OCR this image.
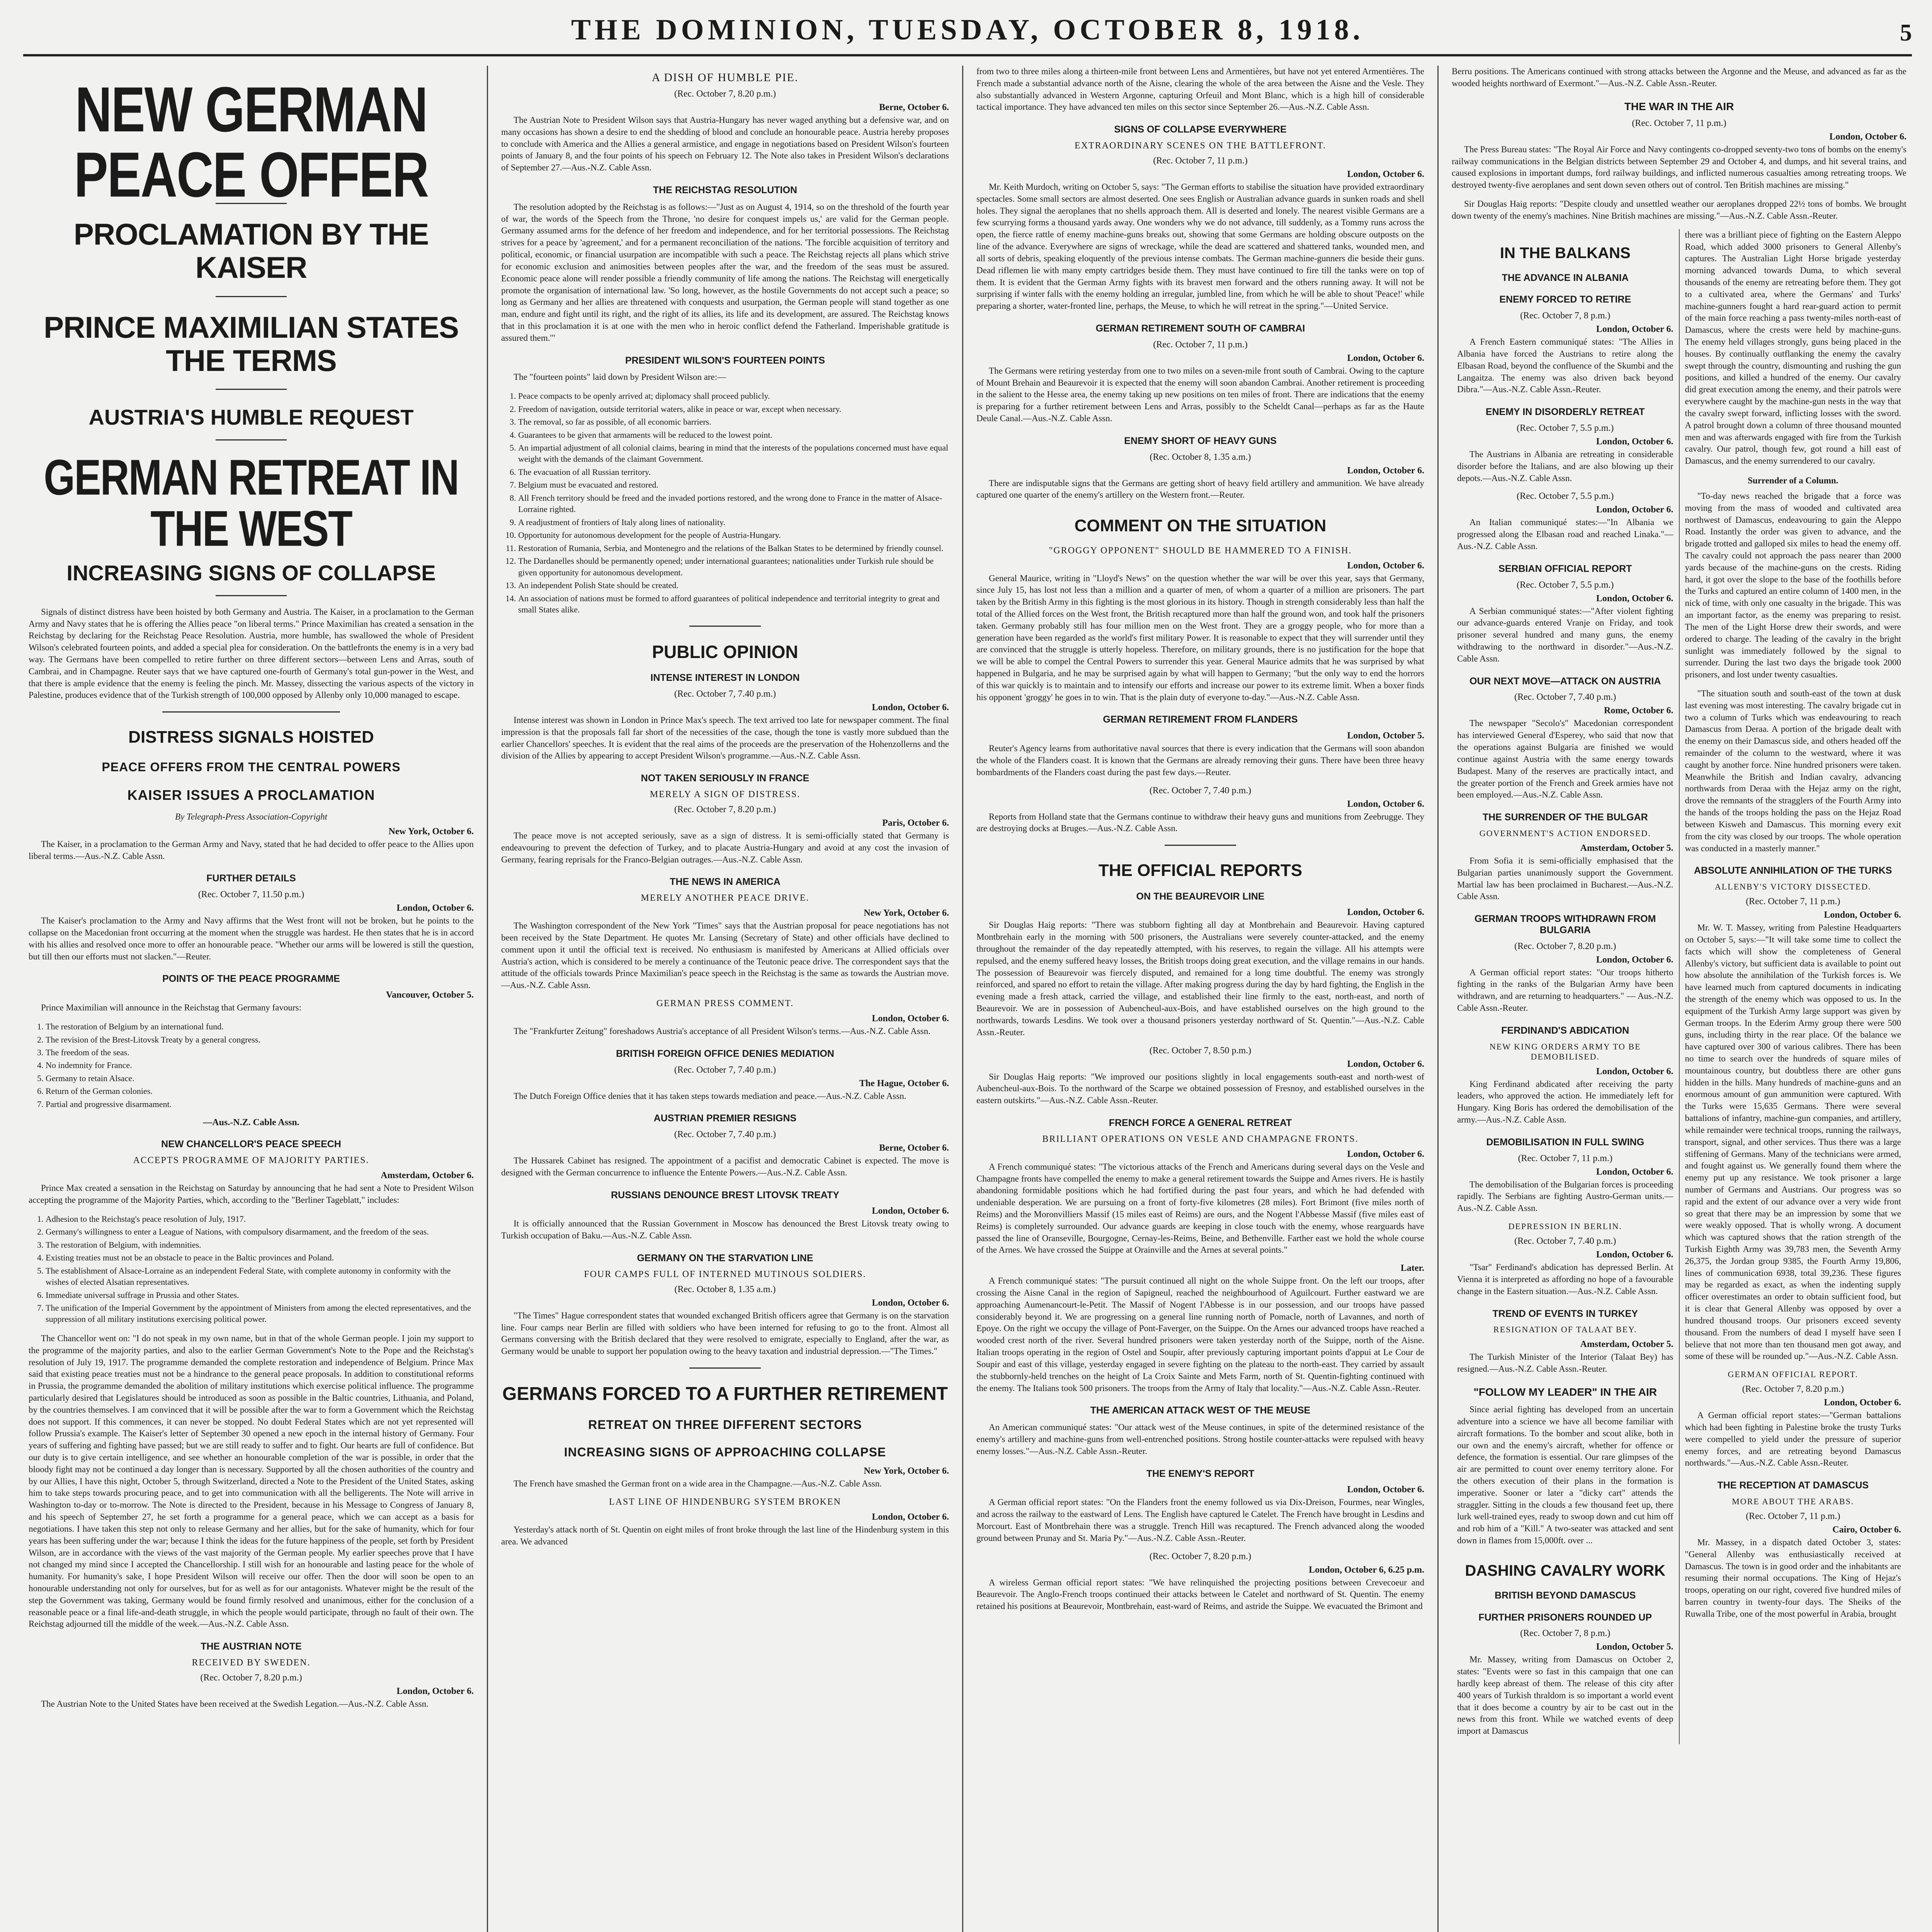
THE DOMINION, TUESDAY, OCTOBER 8, 1918.	5
NEW GERMAN PEACE OFFER
PROCLAMATION BY THE KAISER
PRINCE MAXIMILIAN STATES THE TERMS
AUSTRIA'S HUMBLE REQUEST
GERMAN RETREAT IN THE WEST
INCREASING SIGNS OF COLLAPSE

Signals of distinct distress have been hoisted by both Germany and Austria. The Kaiser, in a proclamation to the German Army and Navy states that he is offering the Allies peace "on liberal terms." Prince Maximilian has created a sensation in the Reichstag by declaring for the Reichstag Peace Resolution. Austria, more humble, has swallowed the whole of President Wilson's celebrated fourteen points, and added a special plea for consideration. On the battlefronts the enemy is in a very bad way. The Germans have been compelled to retire further on three different sectors—between Lens and Arras, south of Cambrai, and in Champagne. Reuter says that we have captured one-fourth of Germany's total gun-power in the West, and that there is ample evidence that the enemy is feeling the pinch. Mr. Massey, dissecting the various aspects of the victory in Palestine, produces evidence that of the Turkish strength of 100,000 opposed by Allenby only 10,000 managed to escape.

DISTRESS SIGNALS HOISTED
PEACE OFFERS FROM THE CENTRAL POWERS
KAISER ISSUES A PROCLAMATION
By Telegraph-Press Association-Copyright
New York, October 6.

The Kaiser, in a proclamation to the German Army and Navy, stated that he had decided to offer peace to the Allies upon liberal terms.—Aus.-N.Z. Cable Assn.

FURTHER DETAILS
(Rec. October 7, 11.50 p.m.)
London, October 6.

The Kaiser's proclamation to the Army and Navy affirms that the West front will not be broken, but he points to the collapse on the Macedonian front occurring at the moment when the struggle was hardest. He then states that he is in accord with his allies and resolved once more to offer an honourable peace. "Whether our arms will be lowered is still the question, but till then our efforts must not slacken."—Reuter.

POINTS OF THE PEACE PROGRAMME
Vancouver, October 5.

Prince Maximilian will announce in the Reichstag that Germany favours:

1. The restoration of Belgium by an international fund.
2. The revision of the Brest-Litovsk Treaty by a general congress.
3. The freedom of the seas.
4. No indemnity for France.
5. Germany to retain Alsace.
6. Return of the German colonies.
7. Partial and progressive disarmament.
—Aus.-N.Z. Cable Assn.
NEW CHANCELLOR'S PEACE SPEECH
ACCEPTS PROGRAMME OF MAJORITY PARTIES.
Amsterdam, October 6.

Prince Max created a sensation in the Reichstag on Saturday by announcing that he had sent a Note to President Wilson accepting the programme of the Majority Parties, which, according to the "Berliner Tageblatt," includes:

1. Adhesion to the Reichstag's peace resolution of July, 1917.
2. Germany's willingness to enter a League of Nations, with compulsory disarmament, and the freedom of the seas.
3. The restoration of Belgium, with indemnities.
4. Existing treaties must not be an obstacle to peace in the Baltic provinces and Poland.
5. The establishment of Alsace-Lorraine as an independent Federal State, with complete autonomy in conformity with the wishes of elected Alsatian representatives.
6. Immediate universal suffrage in Prussia and other States.
7. The unification of the Imperial Government by the appointment of Ministers from among the elected representatives, and the suppression of all military institutions exercising political power.

The Chancellor went on: "I do not speak in my own name, but in that of the whole German people. I join my support to the programme of the majority parties, and also to the earlier German Government's Note to the Pope and the Reichstag's resolution of July 19, 1917. The programme demanded the complete restoration and independence of Belgium. Prince Max said that existing peace treaties must not be a hindrance to the general peace proposals. In addition to constitutional reforms in Prussia, the programme demanded the abolition of military institutions which exercise political influence. The programme particularly desired that Legislatures should be introduced as soon as possible in the Baltic countries, Lithuania, and Poland, by the countries themselves. I am convinced that it will be possible after the war to form a Government which the Reichstag does not support. If this commences, it can never be stopped. No doubt Federal States which are not yet represented will follow Prussia's example. The Kaiser's letter of September 30 opened a new epoch in the internal history of Germany. Four years of suffering and fighting have passed; but we are still ready to suffer and to fight. Our hearts are full of confidence. But our duty is to give certain intelligence, and see whether an honourable completion of the war is possible, in order that the bloody fight may not be continued a day longer than is necessary. Supported by all the chosen authorities of the country and by our Allies, I have this night, October 5, through Switzerland, directed a Note to the President of the United States, asking him to take steps towards procuring peace, and to get into communication with all the belligerents. The Note will arrive in Washington to-day or to-morrow. The Note is directed to the President, because in his Message to Congress of January 8, and his speech of September 27, he set forth a programme for a general peace, which we can accept as a basis for negotiations. I have taken this step not only to release Germany and her allies, but for the sake of humanity, which for four years has been suffering under the war; because I think the ideas for the future happiness of the people, set forth by President Wilson, are in accordance with the views of the vast majority of the German people. My earlier speeches prove that I have not changed my mind since I accepted the Chancellorship. I still wish for an honourable and lasting peace for the whole of humanity. For humanity's sake, I hope President Wilson will receive our offer. Then the door will soon be open to an honourable understanding not only for ourselves, but for as well as for our antagonists. Whatever might be the result of the step the Government was taking, Germany would be found firmly resolved and unanimous, either for the conclusion of a reasonable peace or a final life-and-death struggle, in which the people would participate, through no fault of their own. The Reichstag adjourned till the middle of the week.—Aus.-N.Z. Cable Assn.

THE AUSTRIAN NOTE
RECEIVED BY SWEDEN.
(Rec. October 7, 8.20 p.m.)
London, October 6.

The Austrian Note to the United States have been received at the Swedish Legation.—Aus.-N.Z. Cable Assn.

A DISH OF HUMBLE PIE.
(Rec. October 7, 8.20 p.m.)
Berne, October 6.

The Austrian Note to President Wilson says that Austria-Hungary has never waged anything but a defensive war, and on many occasions has shown a desire to end the shedding of blood and conclude an honourable peace. Austria hereby proposes to conclude with America and the Allies a general armistice, and engage in negotiations based on President Wilson's fourteen points of January 8, and the four points of his speech on February 12. The Note also takes in President Wilson's declarations of September 27.—Aus.-N.Z. Cable Assn.

THE REICHSTAG RESOLUTION

The resolution adopted by the Reichstag is as follows:—"Just as on August 4, 1914, so on the threshold of the fourth year of war, the words of the Speech from the Throne, 'no desire for conquest impels us,' are valid for the German people. Germany assumed arms for the defence of her freedom and independence, and for her territorial possessions. The Reichstag strives for a peace by 'agreement,' and for a permanent reconciliation of the nations. 'The forcible acquisition of territory and political, economic, or financial usurpation are incompatible with such a peace. The Reichstag rejects all plans which strive for economic exclusion and animosities between peoples after the war, and the freedom of the seas must be assured. Economic peace alone will render possible a friendly community of life among the nations. The Reichstag will energetically promote the organisation of international law. 'So long, however, as the hostile Governments do not accept such a peace; so long as Germany and her allies are threatened with conquests and usurpation, the German people will stand together as one man, endure and fight until its right, and the right of its allies, its life and its development, are assured. The Reichstag knows that in this proclamation it is at one with the men who in heroic conflict defend the Fatherland. Imperishable gratitude is assured them.'"

PRESIDENT WILSON'S FOURTEEN POINTS

The "fourteen points" laid down by President Wilson are:—

1. Peace compacts to be openly arrived at; diplomacy shall proceed publicly.
2. Freedom of navigation, outside territorial waters, alike in peace or war, except when necessary.
3. The removal, so far as possible, of all economic barriers.
4. Guarantees to be given that armaments will be reduced to the lowest point.
5. An impartial adjustment of all colonial claims, bearing in mind that the interests of the populations concerned must have equal weight with the demands of the claimant Government.
6. The evacuation of all Russian territory.
7. Belgium must be evacuated and restored.
8. All French territory should be freed and the invaded portions restored, and the wrong done to France in the matter of Alsace-Lorraine righted.
9. A readjustment of frontiers of Italy along lines of nationality.
10. Opportunity for autonomous development for the people of Austria-Hungary.
11. Restoration of Rumania, Serbia, and Montenegro and the relations of the Balkan States to be determined by friendly counsel.
12. The Dardanelles should be permanently opened; under international guarantees; nationalities under Turkish rule should be given opportunity for autonomous development.
13. An independent Polish State should be created.
14. An association of nations must be formed to afford guarantees of political independence and territorial integrity to great and small States alike.
PUBLIC OPINION
INTENSE INTEREST IN LONDON
(Rec. October 7, 7.40 p.m.)
London, October 6.

Intense interest was shown in London in Prince Max's speech. The text arrived too late for newspaper comment. The final impression is that the proposals fall far short of the necessities of the case, though the tone is vastly more subdued than the earlier Chancellors' speeches. It is evident that the real aims of the proceeds are the preservation of the Hohenzollerns and the division of the Allies by appearing to accept President Wilson's programme.—Aus.-N.Z. Cable Assn.

NOT TAKEN SERIOUSLY IN FRANCE
MERELY A SIGN OF DISTRESS.
(Rec. October 7, 8.20 p.m.)
Paris, October 6.

The peace move is not accepted seriously, save as a sign of distress. It is semi-officially stated that Germany is endeavouring to prevent the defection of Turkey, and to placate Austria-Hungary and avoid at any cost the invasion of Germany, fearing reprisals for the Franco-Belgian outrages.—Aus.-N.Z. Cable Assn.

THE NEWS IN AMERICA
MERELY ANOTHER PEACE DRIVE.
New York, October 6.

The Washington correspondent of the New York "Times" says that the Austrian proposal for peace negotiations has not been received by the State Department. He quotes Mr. Lansing (Secretary of State) and other officials have declined to comment upon it until the official text is received. No enthusiasm is manifested by Americans at Allied officials over Austria's action, which is considered to be merely a continuance of the Teutonic peace drive. The correspondent says that the attitude of the officials towards Prince Maximilian's peace speech in the Reichstag is the same as towards the Austrian move.—Aus.-N.Z. Cable Assn.

GERMAN PRESS COMMENT.
London, October 6.

The "Frankfurter Zeitung" foreshadows Austria's acceptance of all President Wilson's terms.—Aus.-N.Z. Cable Assn.

BRITISH FOREIGN OFFICE DENIES MEDIATION
(Rec. October 7, 7.40 p.m.)
The Hague, October 6.

The Dutch Foreign Office denies that it has taken steps towards mediation and peace.—Aus.-N.Z. Cable Assn.

AUSTRIAN PREMIER RESIGNS
(Rec. October 7, 7.40 p.m.)
Berne, October 6.

The Hussarek Cabinet has resigned. The appointment of a pacifist and democratic Cabinet is expected. The move is designed with the German concurrence to influence the Entente Powers.—Aus.-N.Z. Cable Assn.

RUSSIANS DENOUNCE BREST LITOVSK TREATY
London, October 6.

It is officially announced that the Russian Government in Moscow has denounced the Brest Litovsk treaty owing to Turkish occupation of Baku.—Aus.-N.Z. Cable Assn.

GERMANY ON THE STARVATION LINE
FOUR CAMPS FULL OF INTERNED MUTINOUS SOLDIERS.
(Rec. October 8, 1.35 a.m.)
London, October 6.

"The Times" Hague correspondent states that wounded exchanged British officers agree that Germany is on the starvation line. Four camps near Berlin are filled with soldiers who have been interned for refusing to go to the front. Almost all Germans conversing with the British declared that they were resolved to emigrate, especially to England, after the war, as Germany would be unable to support her population owing to the heavy taxation and industrial depression.—"The Times."

GERMANS FORCED TO A FURTHER RETIREMENT
RETREAT ON THREE DIFFERENT SECTORS
INCREASING SIGNS OF APPROACHING COLLAPSE
New York, October 6.

The French have smashed the German front on a wide area in the Champagne.—Aus.-N.Z. Cable Assn.

LAST LINE OF HINDENBURG SYSTEM BROKEN
London, October 6.

Yesterday's attack north of St. Quentin on eight miles of front broke through the last line of the Hindenburg system in this area. We advanced

from two to three miles along a thirteen-mile front between Lens and Armentières, but have not yet entered Armentières. The French made a substantial advance north of the Aisne, clearing the whole of the area between the Aisne and the Vesle. They also substantially advanced in Western Argonne, capturing Orfeuil and Mont Blanc, which is a high hill of considerable tactical importance. They have advanced ten miles on this sector since September 26.—Aus.-N.Z. Cable Assn.

SIGNS OF COLLAPSE EVERYWHERE
EXTRAORDINARY SCENES ON THE BATTLEFRONT.
(Rec. October 7, 11 p.m.)
London, October 6.

Mr. Keith Murdoch, writing on October 5, says: "The German efforts to stabilise the situation have provided extraordinary spectacles. Some small sectors are almost deserted. One sees English or Australian advance guards in sunken roads and shell holes. They signal the aeroplanes that no shells approach them. All is deserted and lonely. The nearest visible Germans are a few scurrying forms a thousand yards away. One wonders why we do not advance, till suddenly, as a Tommy runs across the open, the fierce rattle of enemy machine-guns breaks out, showing that some Germans are holding obscure outposts on the line of the advance. Everywhere are signs of wreckage, while the dead are scattered and shattered tanks, wounded men, and all sorts of debris, speaking eloquently of the previous intense combats. The German machine-gunners die beside their guns. Dead riflemen lie with many empty cartridges beside them. They must have continued to fire till the tanks were on top of them. It is evident that the German Army fights with its bravest men forward and the others running away. It will not be surprising if winter falls with the enemy holding an irregular, jumbled line, from which he will be able to shout 'Peace!' while preparing a shorter, water-fronted line, perhaps, the Meuse, to which he will retreat in the spring."—United Service.

GERMAN RETIREMENT SOUTH OF CAMBRAI
(Rec. October 7, 11 p.m.)
London, October 6.

The Germans were retiring yesterday from one to two miles on a seven-mile front south of Cambrai. Owing to the capture of Mount Brehain and Beaurevoir it is expected that the enemy will soon abandon Cambrai. Another retirement is proceeding in the salient to the Hesse area, the enemy taking up new positions on ten miles of front. There are indications that the enemy is preparing for a further retirement between Lens and Arras, possibly to the Scheldt Canal—perhaps as far as the Haute Deule Canal.—Aus.-N.Z. Cable Assn.

ENEMY SHORT OF HEAVY GUNS
(Rec. October 8, 1.35 a.m.)
London, October 6.

There are indisputable signs that the Germans are getting short of heavy field artillery and ammunition. We have already captured one quarter of the enemy's artillery on the Western front.—Reuter.

COMMENT ON THE SITUATION
"GROGGY OPPONENT" SHOULD BE HAMMERED TO A FINISH.
London, October 6.

General Maurice, writing in "Lloyd's News" on the question whether the war will be over this year, says that Germany, since July 15, has lost not less than a million and a quarter of men, of whom a quarter of a million are prisoners. The part taken by the British Army in this fighting is the most glorious in its history. Though in strength considerably less than half the total of the Allied forces on the West front, the British recaptured more than half the ground won, and took half the prisoners taken. Germany probably still has four million men on the West front. They are a groggy people, who for more than a generation have been regarded as the world's first military Power. It is reasonable to expect that they will surrender until they are convinced that the struggle is utterly hopeless. Therefore, on military grounds, there is no justification for the hope that we will be able to compel the Central Powers to surrender this year. General Maurice admits that he was surprised by what happened in Bulgaria, and he may be surprised again by what will happen to Germany; "but the only way to end the horrors of this war quickly is to maintain and to intensify our efforts and increase our power to its extreme limit. When a boxer finds his opponent 'groggy' he goes in to win. That is the plain duty of everyone to-day."—Aus.-N.Z. Cable Assn.

GERMAN RETIREMENT FROM FLANDERS
London, October 5.

Reuter's Agency learns from authoritative naval sources that there is every indication that the Germans will soon abandon the whole of the Flanders coast. It is known that the Germans are already removing their guns. There have been three heavy bombardments of the Flanders coast during the past few days.—Reuter.

(Rec. October 7, 7.40 p.m.)
London, October 6.

Reports from Holland state that the Germans continue to withdraw their heavy guns and munitions from Zeebrugge. They are destroying docks at Bruges.—Aus.-N.Z. Cable Assn.

THE OFFICIAL REPORTS
ON THE BEAUREVOIR LINE
London, October 6.

Sir Douglas Haig reports: "There was stubborn fighting all day at Montbrehain and Beaurevoir. Having captured Montbrehain early in the morning with 500 prisoners, the Australians were severely counter-attacked, and the enemy throughout the remainder of the day repeatedly attempted, with his reserves, to regain the village. All his attempts were repulsed, and the enemy suffered heavy losses, the British troops doing great execution, and the village remains in our hands. The possession of Beaurevoir was fiercely disputed, and remained for a long time doubtful. The enemy was strongly reinforced, and spared no effort to retain the village. After making progress during the day by hard fighting, the English in the evening made a fresh attack, carried the village, and established their line firmly to the east, north-east, and north of Beaurevoir. We are in possession of Aubencheul-aux-Bois, and have established ourselves on the high ground to the northwards, towards Lesdins. We took over a thousand prisoners yesterday northward of St. Quentin."—Aus.-N.Z. Cable Assn.-Reuter.

(Rec. October 7, 8.50 p.m.)
London, October 6.

Sir Douglas Haig reports: "We improved our positions slightly in local engagements south-east and north-west of Aubencheul-aux-Bois. To the northward of the Scarpe we obtained possession of Fresnoy, and established ourselves in the eastern outskirts."—Aus.-N.Z. Cable Assn.-Reuter.

FRENCH FORCE A GENERAL RETREAT
BRILLIANT OPERATIONS ON VESLE AND CHAMPAGNE FRONTS.
London, October 6.

A French communiqué states: "The victorious attacks of the French and Americans during several days on the Vesle and Champagne fronts have compelled the enemy to make a general retirement towards the Suippe and Arnes rivers. He is hastily abandoning formidable positions which he had fortified during the past four years, and which he had defended with undeniable desperation. We are pursuing on a front of forty-five kilometres (28 miles). Fort Brimont (five miles north of Reims) and the Moronvilliers Massif (15 miles east of Reims) are ours, and the Nogent l'Abbesse Massif (five miles east of Reims) is completely surrounded. Our advance guards are keeping in close touch with the enemy, whose rearguards have passed the line of Oranseville, Bourgogne, Cernay-les-Reims, Beine, and Bethenville. Farther east we hold the whole course of the Arnes. We have crossed the Suippe at Orainville and the Arnes at several points."

Later.

A French communiqué states: "The pursuit continued all night on the whole Suippe front. On the left our troops, after crossing the Aisne Canal in the region of Sapigneul, reached the neighbourhood of Aguilcourt. Further eastward we are approaching Aumenancourt-le-Petit. The Massif of Nogent l'Abbesse is in our possession, and our troops have passed considerably beyond it. We are progressing on a general line running north of Pomacle, north of Lavannes, and north of Epoye. On the right we occupy the village of Pont-Faverger, on the Suippe. On the Arnes our advanced troops have reached a wooded crest north of the river. Several hundred prisoners were taken yesterday north of the Suippe, north of the Aisne. Italian troops operating in the region of Ostel and Soupir, after previously capturing important points d'appui at Le Cour de Soupir and east of this village, yesterday engaged in severe fighting on the plateau to the north-east. They carried by assault the stubbornly-held trenches on the height of La Croix Sainte and Mets Farm, north of St. Quentin-fighting continued with the enemy. The Italians took 500 prisoners. The troops from the Army of Italy that locality."—Aus.-N.Z. Cable Assn.-Reuter.

THE AMERICAN ATTACK WEST OF THE MEUSE

An American communiqué states: "Our attack west of the Meuse continues, in spite of the determined resistance of the enemy's artillery and machine-guns from well-entrenched positions. Strong hostile counter-attacks were repulsed with heavy enemy losses."—Aus.-N.Z. Cable Assn.-Reuter.

THE ENEMY'S REPORT
London, October 6.

A German official report states: "On the Flanders front the enemy followed us via Dix-Dreison, Fourmes, near Wingles, and across the railway to the eastward of Lens. The English have captured le Catelet. The French have brought in Lesdins and Morcourt. East of Montbrehain there was a struggle. Trench Hill was recaptured. The French advanced along the wooded ground between Prunay and St. Maria Py."—Aus.-N.Z. Cable Assn.-Reuter.

(Rec. October 7, 8.20 p.m.)
London, October 6, 6.25 p.m.

A wireless German official report states: "We have relinquished the projecting positions between Crevecoeur and Beaurevoir. The Anglo-French troops continued their attacks between le Catelet and northward of St. Quentin. The enemy retained his positions at Beaurevoir, Montbrehain, east-ward of Reims, and astride the Suippe. We evacuated the Brimont and

Berru positions. The Americans continued with strong attacks between the Argonne and the Meuse, and advanced as far as the wooded heights northward of Exermont."—Aus.-N.Z. Cable Assn.-Reuter.

THE WAR IN THE AIR
(Rec. October 7, 11 p.m.)
London, October 6.

The Press Bureau states: "The Royal Air Force and Navy contingents co-dropped seventy-two tons of bombs on the enemy's railway communications in the Belgian districts between September 29 and October 4, and dumps, and hit several trains, and caused explosions in important dumps, ford railway buildings, and inflicted numerous casualties among retreating troops. We destroyed twenty-five aeroplanes and sent down seven others out of control. Ten British machines are missing."

Sir Douglas Haig reports: "Despite cloudy and unsettled weather our aeroplanes dropped 22½ tons of bombs. We brought down twenty of the enemy's machines. Nine British machines are missing."—Aus.-N.Z. Cable Assn.-Reuter.

IN THE BALKANS
THE ADVANCE IN ALBANIA
ENEMY FORCED TO RETIRE
(Rec. October 7, 8 p.m.)
London, October 6.

A French Eastern communiqué states: "The Allies in Albania have forced the Austrians to retire along the Elbasan Road, beyond the confluence of the Skumbi and the Langaitza. The enemy was also driven back beyond Dibra."—Aus.-N.Z. Cable Assn.-Reuter.

ENEMY IN DISORDERLY RETREAT
(Rec. October 7, 5.5 p.m.)
London, October 6.

The Austrians in Albania are retreating in considerable disorder before the Italians, and are also blowing up their depots.—Aus.-N.Z. Cable Assn.

(Rec. October 7, 5.5 p.m.)
London, October 6.

An Italian communiqué states:—"In Albania we progressed along the Elbasan road and reached Linaka."—Aus.-N.Z. Cable Assn.

SERBIAN OFFICIAL REPORT
(Rec. October 7, 5.5 p.m.)
London, October 6.

A Serbian communiqué states:—"After violent fighting our advance-guards entered Vranje on Friday, and took prisoner several hundred and many guns, the enemy withdrawing to the northward in disorder."—Aus.-N.Z. Cable Assn.

OUR NEXT MOVE—ATTACK ON AUSTRIA
(Rec. October 7, 7.40 p.m.)
Rome, October 6.

The newspaper "Secolo's" Macedonian correspondent has interviewed General d'Esperey, who said that now that the operations against Bulgaria are finished we would continue against Austria with the same energy towards Budapest. Many of the reserves are practically intact, and the greater portion of the French and Greek armies have not been employed.—Aus.-N.Z. Cable Assn.

THE SURRENDER OF THE BULGAR
GOVERNMENT'S ACTION ENDORSED.
Amsterdam, October 5.

From Sofia it is semi-officially emphasised that the Bulgarian parties unanimously support the Government. Martial law has been proclaimed in Bucharest.—Aus.-N.Z. Cable Assn.

GERMAN TROOPS WITHDRAWN FROM BULGARIA
(Rec. October 7, 8.20 p.m.)
London, October 6.

A German official report states: "Our troops hitherto fighting in the ranks of the Bulgarian Army have been withdrawn, and are returning to headquarters." — Aus.-N.Z. Cable Assn.-Reuter.

FERDINAND'S ABDICATION
NEW KING ORDERS ARMY TO BE DEMOBILISED.
London, October 6.

King Ferdinand abdicated after receiving the party leaders, who approved the action. He immediately left for Hungary. King Boris has ordered the demobilisation of the army.—Aus.-N.Z. Cable Assn.

DEMOBILISATION IN FULL SWING
(Rec. October 7, 11 p.m.)
London, October 6.

The demobilisation of the Bulgarian forces is proceeding rapidly. The Serbians are fighting Austro-German units.—Aus.-N.Z. Cable Assn.

DEPRESSION IN BERLIN.
(Rec. October 7, 7.40 p.m.)
London, October 6.

"Tsar" Ferdinand's abdication has depressed Berlin. At Vienna it is interpreted as affording no hope of a favourable change in the Eastern situation.—Aus.-N.Z. Cable Assn.

TREND OF EVENTS IN TURKEY
RESIGNATION OF TALAAT BEY.
Amsterdam, October 5.

The Turkish Minister of the Interior (Talaat Bey) has resigned.—Aus.-N.Z. Cable Assn.-Reuter.

"FOLLOW MY LEADER" IN THE AIR

Since aerial fighting has developed from an uncertain adventure into a science we have all become familiar with aircraft formations. To the bomber and scout alike, both in our own and the enemy's aircraft, whether for offence or defence, the formation is essential. Our rare glimpses of the air are permitted to count over enemy territory alone. For the others execution of their plans in the formation is imperative. Sooner or later a "dicky cart" attends the straggler. Sitting in the clouds a few thousand feet up, there lurk well-trained eyes, ready to swoop down and cut him off and rob him of a "Kill." A two-seater was attacked and sent down in flames from 15,000ft. over ...

DASHING CAVALRY WORK
BRITISH BEYOND DAMASCUS
FURTHER PRISONERS ROUNDED UP
(Rec. October 7, 8 p.m.)
London, October 5.

Mr. Massey, writing from Damascus on October 2, states: "Events were so fast in this campaign that one can hardly keep abreast of them. The release of this city after 400 years of Turkish thraldom is so important a world event that it does become a country by air to be cast out in the news from this front. While we watched events of deep import at Damascus

there was a brilliant piece of fighting on the Eastern Aleppo Road, which added 3000 prisoners to General Allenby's captures. The Australian Light Horse brigade yesterday morning advanced towards Duma, to which several thousands of the enemy are retreating before them. They got to a cultivated area, where the Germans' and Turks' machine-gunners fought a hard rear-guard action to permit of the main force reaching a pass twenty-miles north-east of Damascus, where the crests were held by machine-guns. The enemy held villages strongly, guns being placed in the houses. By continually outflanking the enemy the cavalry swept through the country, dismounting and rushing the gun positions, and killed a hundred of the enemy. Our cavalry did great execution among the enemy, and their patrols were everywhere caught by the machine-gun nests in the way that the cavalry swept forward, inflicting losses with the sword. A patrol brought down a column of three thousand mounted men and was afterwards engaged with fire from the Turkish cavalry. Our patrol, though few, got round a hill east of Damascus, and the enemy surrendered to our cavalry.

Surrender of a Column.

"To-day news reached the brigade that a force was moving from the mass of wooded and cultivated area northwest of Damascus, endeavouring to gain the Aleppo Road. Instantly the order was given to advance, and the brigade trotted and galloped six miles to head the enemy off. The cavalry could not approach the pass nearer than 2000 yards because of the machine-guns on the crests. Riding hard, it got over the slope to the base of the foothills before the Turks and captured an entire column of 1400 men, in the nick of time, with only one casualty in the brigade. This was an important factor, as the enemy was preparing to resist. The men of the Light Horse drew their swords, and were ordered to charge. The leading of the cavalry in the bright sunlight was immediately followed by the signal to surrender. During the last two days the brigade took 2000 prisoners, and lost under twenty casualties.

"The situation south and south-east of the town at dusk last evening was most interesting. The cavalry brigade cut in two a column of Turks which was endeavouring to reach Damascus from Deraa. A portion of the brigade dealt with the enemy on their Damascus side, and others headed off the remainder of the column to the westward, where it was caught by another force. Nine hundred prisoners were taken. Meanwhile the British and Indian cavalry, advancing northwards from Deraa with the Hejaz army on the right, drove the remnants of the stragglers of the Fourth Army into the hands of the troops holding the pass on the Hejaz Road between Kisweh and Damascus. This morning every exit from the city was closed by our troops. The whole operation was conducted in a masterly manner."

ABSOLUTE ANNIHILATION OF THE TURKS
ALLENBY'S VICTORY DISSECTED.
(Rec. October 7, 11 p.m.)
London, October 6.

Mr. W. T. Massey, writing from Palestine Headquarters on October 5, says:—"It will take some time to collect the facts which will show the completeness of General Allenby's victory, but sufficient data is available to point out how absolute the annihilation of the Turkish forces is. We have learned much from captured documents in indicating the strength of the enemy which was opposed to us. In the equipment of the Turkish Army large support was given by German troops. In the Ederim Army group there were 500 guns, including thirty in the rear place. Of the balance we have captured over 300 of various calibres. There has been no time to search over the hundreds of square miles of mountainous country, but doubtless there are other guns hidden in the hills. Many hundreds of machine-guns and an enormous amount of gun ammunition were captured. With the Turks were 15,635 Germans. There were several battalions of infantry, machine-gun companies, and artillery, while remainder were technical troops, running the railways, transport, signal, and other services. Thus there was a large stiffening of Germans. Many of the technicians were armed, and fought against us. We generally found them where the enemy put up any resistance. We took prisoner a large number of Germans and Austrians. Our progress was so rapid and the extent of our advance over a very wide front so great that there may be an impression by some that we were weakly opposed. That is wholly wrong. A document which was captured shows that the ration strength of the Turkish Eighth Army was 39,783 men, the Seventh Army 26,375, the Jordan group 9385, the Fourth Army 19,806, lines of communication 6938, total 39,236. These figures may be regarded as exact, as when the indenting supply officer overestimates an order to obtain sufficient food, but it is clear that General Allenby was opposed by over a hundred thousand troops. Our prisoners exceed seventy thousand. From the numbers of dead I myself have seen I believe that not more than ten thousand men got away, and some of these will be rounded up."—Aus.-N.Z. Cable Assn.

GERMAN OFFICIAL REPORT.
(Rec. October 7, 8.20 p.m.)
London, October 6.

A German official report states:—"German battalions which had been fighting in Palestine broke the trusty Turks were compelled to yield under the pressure of superior enemy forces, and are retreating beyond Damascus northwards."—Aus.-N.Z. Cable Assn.-Reuter.

THE RECEPTION AT DAMASCUS
MORE ABOUT THE ARABS.
(Rec. October 7, 11 p.m.)
Cairo, October 6.

Mr. Massey, in a dispatch dated October 3, states: "General Allenby was enthusiastically received at Damascus. The town is in good order and the inhabitants are resuming their normal occupations. The King of Hejaz's troops, operating on our right, covered five hundred miles of barren country in twenty-four days. The Sheiks of the Ruwalla Tribe, one of the most powerful in Arabia, brought
